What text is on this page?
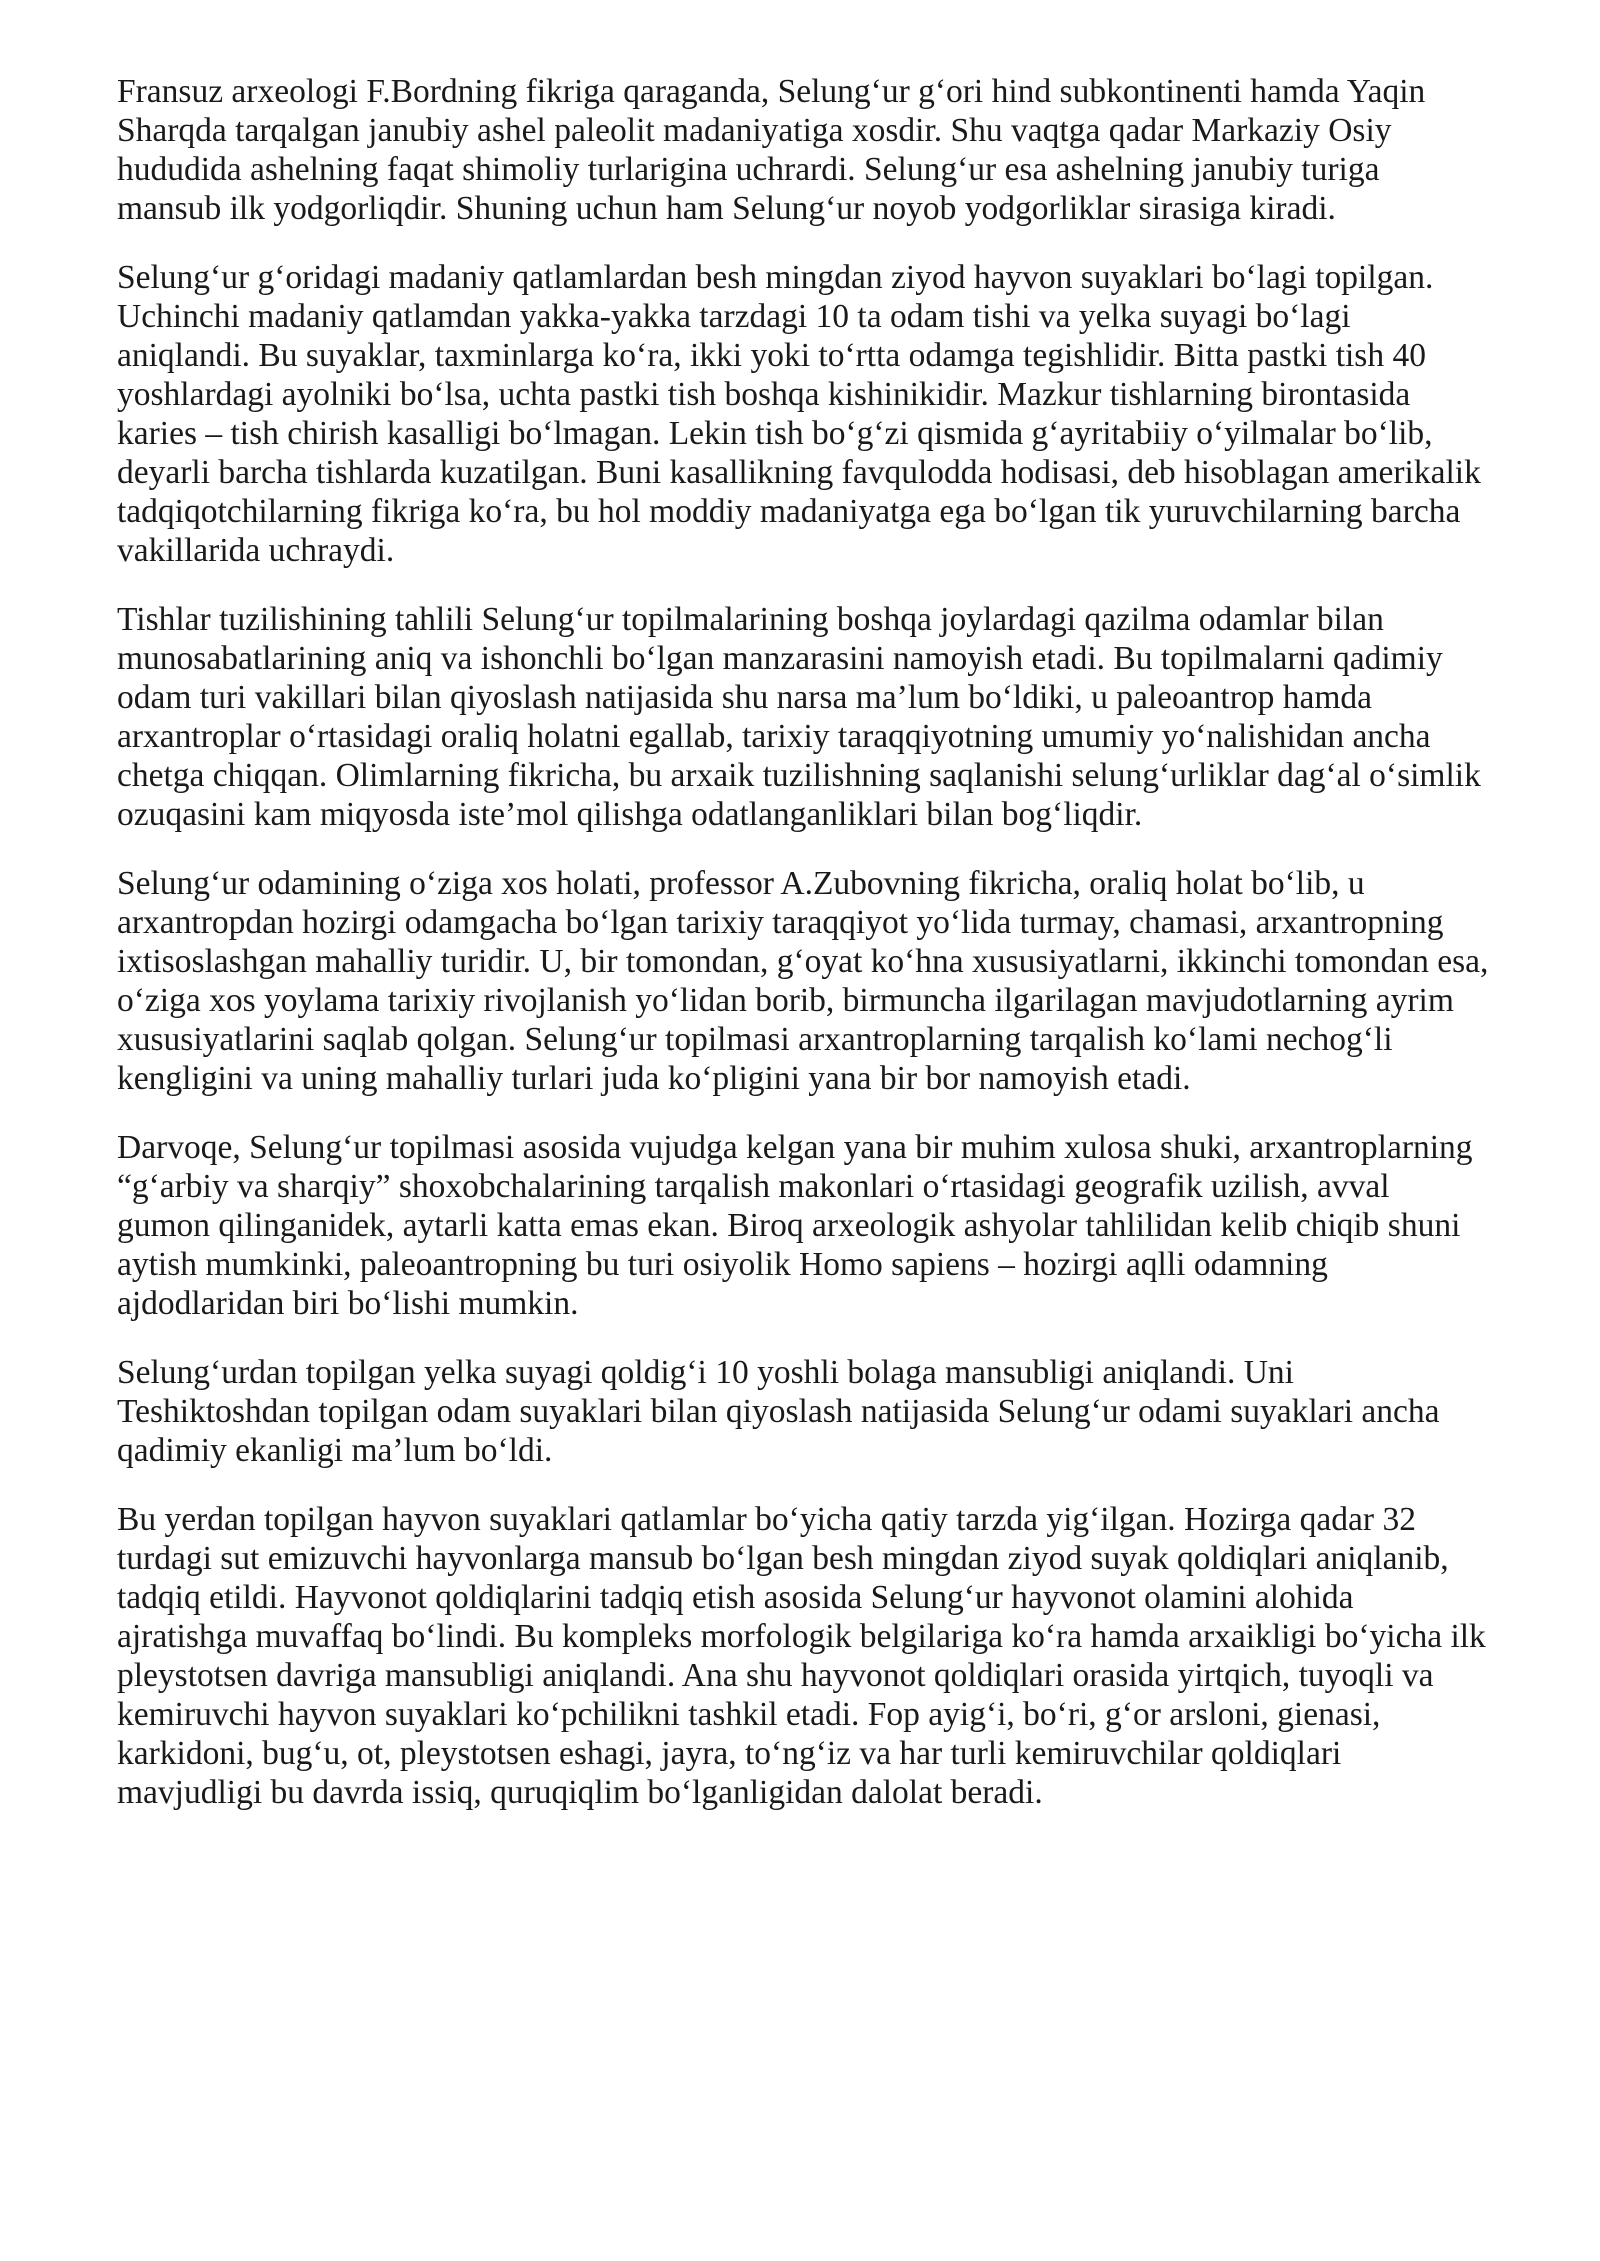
Fransuz arxeologi F.Bordning fikriga qaraganda, Selung‘ur g‘ori hind subkontinenti hamda Yaqin Sharqda tarqalgan janubiy ashel paleolit madaniyatiga xosdir. Shu vaqtga qadar Markaziy Osiy hududida ashelning faqat shimoliy turlarigina uchrardi. Selung‘ur esa ashelning janubiy turiga mansub ilk yodgorliqdir. Shuning uchun ham Selung‘ur noyob yodgorliklar sirasiga kiradi.

Selung‘ur g‘oridagi madaniy qatlamlardan besh mingdan ziyod hayvon suyaklari bo‘lagi topilgan. Uchinchi madaniy qatlamdan yakka-yakka tarzdagi 10 ta odam tishi va yelka suyagi bo‘lagi aniqlandi. Bu suyaklar, taxminlarga ko‘ra, ikki yoki to‘rtta odamga tegishlidir. Bitta pastki tish 40 yoshlardagi ayolniki bo‘lsa, uchta pastki tish boshqa kishinikidir. Mazkur tishlarning birontasida karies – tish chirish kasalligi bo‘lmagan. Lekin tish bo‘g‘zi qismida g‘ayritabiiy o‘yilmalar bo‘lib, deyarli barcha tishlarda kuzatilgan. Buni kasallikning favqulodda hodisasi, deb hisoblagan amerikalik tadqiqotchilarning fikriga ko‘ra, bu hol moddiy madaniyatga ega bo‘lgan tik yuruvchilarning barcha vakillarida uchraydi.

Tishlar tuzilishining tahlili Selung‘ur topilmalarining boshqa joylardagi qazilma odamlar bilan munosabatlarining aniq va ishonchli bo‘lgan manzarasini namoyish etadi. Bu topilmalarni qadimiy odam turi vakillari bilan qiyoslash natijasida shu narsa ma’lum bo‘ldiki, u paleoantrop hamda arxantroplar o‘rtasidagi oraliq holatni egallab, tarixiy taraqqiyotning umumiy yo‘nalishidan ancha chetga chiqqan. Olimlarning fikricha, bu arxaik tuzilishning saqlanishi selung‘urliklar dag‘al o‘simlik ozuqasini kam miqyosda iste’mol qilishga odatlanganliklari bilan bog‘liqdir.

Selung‘ur odamining o‘ziga xos holati, professor A.Zubovning fikricha, oraliq holat bo‘lib, u arxantropdan hozirgi odamgacha bo‘lgan tarixiy taraqqiyot yo‘lida turmay, chamasi, arxantropning ixtisoslashgan mahalliy turidir. U, bir tomondan, g‘oyat ko‘hna xususiyatlarni, ikkinchi tomondan esa, o‘ziga xos yoylama tarixiy rivojlanish yo‘lidan borib, birmuncha ilgarilagan mavjudotlarning ayrim xususiyatlarini saqlab qolgan. Selung‘ur topilmasi arxantroplarning tarqalish ko‘lami nechog‘li kengligini va uning mahalliy turlari juda ko‘pligini yana bir bor namoyish etadi.

Darvoqe, Selung‘ur topilmasi asosida vujudga kelgan yana bir muhim xulosa shuki, arxantroplarning “g‘arbiy va sharqiy” shoxobchalarining tarqalish makonlari o‘rtasidagi geografik uzilish, avval gumon qilinganidek, aytarli katta emas ekan. Biroq arxeologik ashyolar tahlilidan kelib chiqib shuni aytish mumkinki, paleoantropning bu turi osiyolik Homo sapiens – hozirgi aqlli odamning ajdodlaridan biri bo‘lishi mumkin.

Selung‘urdan topilgan yelka suyagi qoldig‘i 10 yoshli bolaga mansubligi aniqlandi. Uni Teshiktoshdan topilgan odam suyaklari bilan qiyoslash natijasida Selung‘ur odami suyaklari ancha qadimiy ekanligi ma’lum bo‘ldi.

Bu yerdan topilgan hayvon suyaklari qatlamlar bo‘yicha qatiy tarzda yig‘ilgan. Hozirga qadar 32 turdagi sut emizuvchi hayvonlarga mansub bo‘lgan besh mingdan ziyod suyak qoldiqlari aniqlanib, tadqiq etildi. Hayvonot qoldiqlarini tadqiq etish asosida Selung‘ur hayvonot olamini alohida ajratishga muvaffaq bo‘lindi. Bu kompleks morfologik belgilariga ko‘ra hamda arxaikligi bo‘yicha ilk pleystotsen davriga mansubligi aniqlandi. Ana shu hayvonot qoldiqlari orasida yirtqich, tuyoqli va kemiruvchi hayvon suyaklari ko‘pchilikni tashkil etadi. Fop ayig‘i, bo‘ri, g‘or arsloni, gienasi, karkidoni, bug‘u, ot, pleystotsen eshagi, jayra, to‘ng‘iz va har turli kemiruvchilar qoldiqlari mavjudligi bu davrda issiq, quruqiqlim bo‘lganligidan dalolat beradi.
